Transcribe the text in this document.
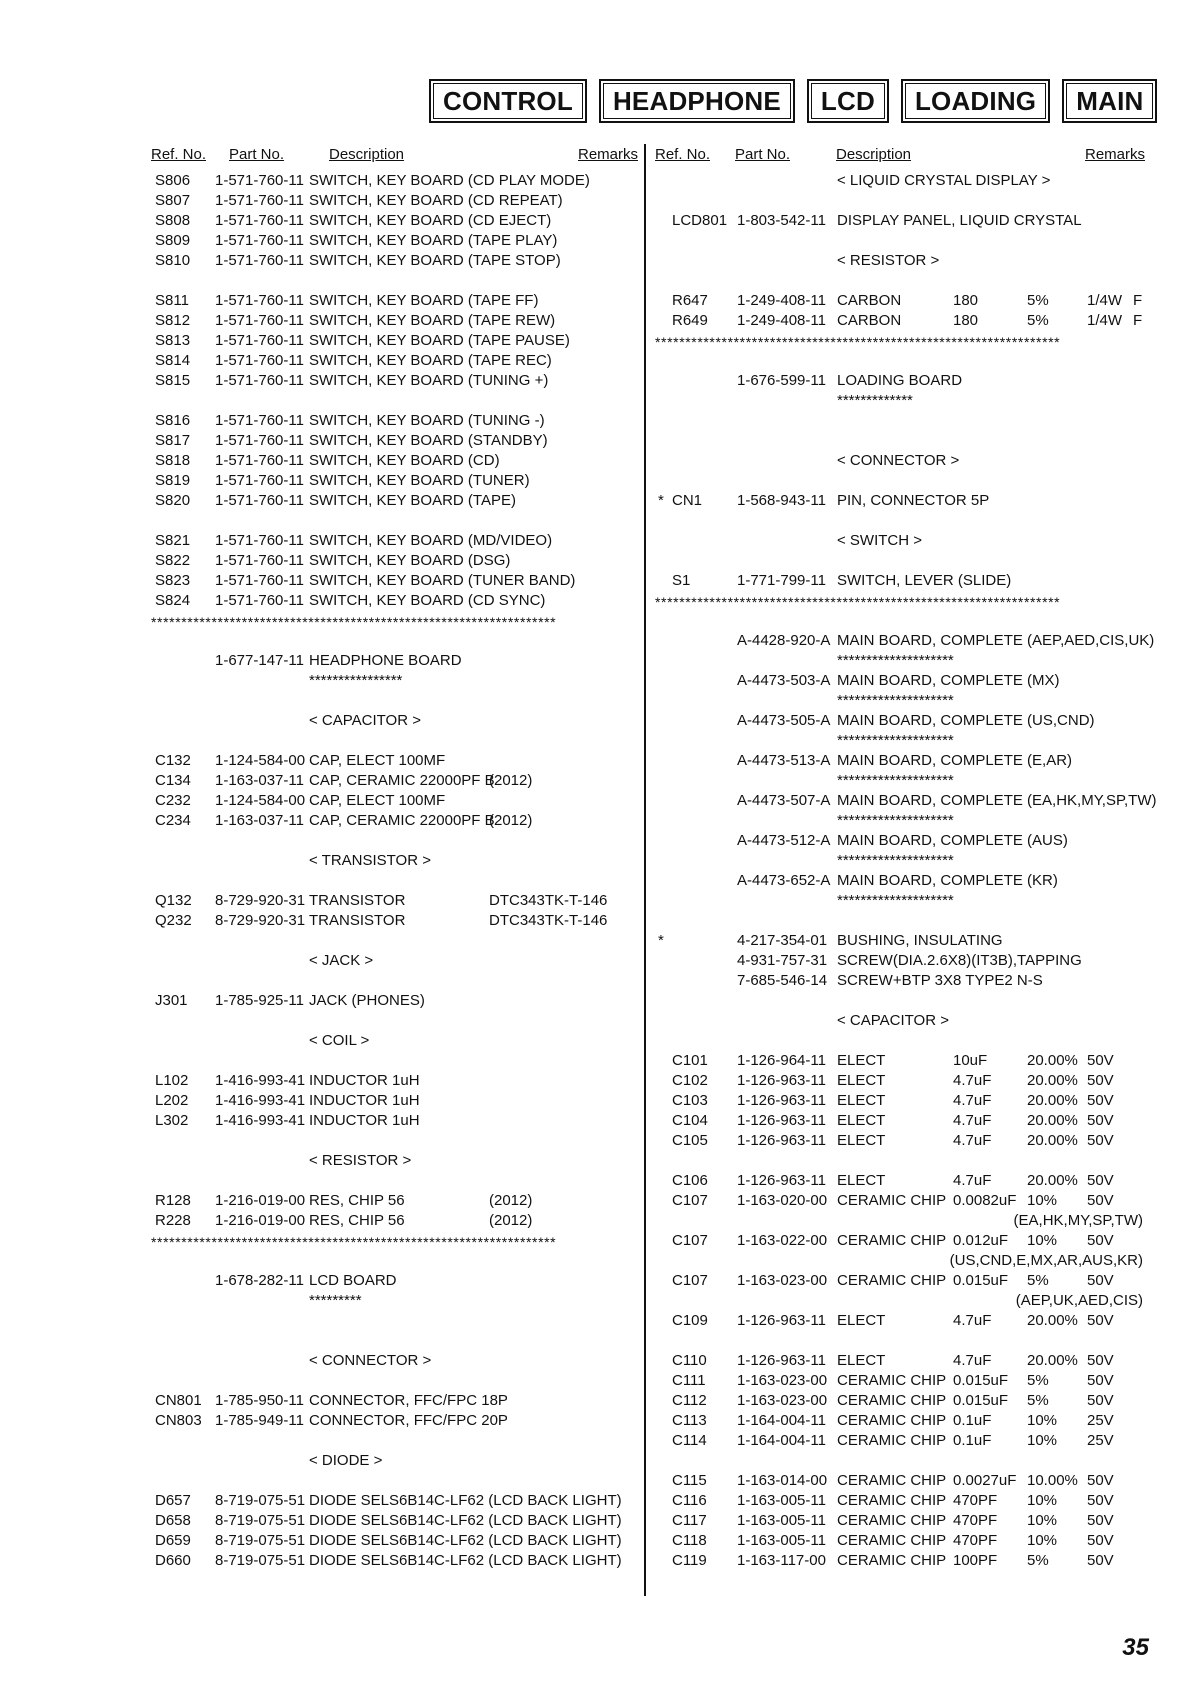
CONTROL	HEADPHONE	LCD	LOADING	MAIN
Ref. No. Part No.	Description	Remarks
S806 1-571-760-11 SWITCH, KEY BOARD (CD PLAY MODE)
S807 1-571-760-11 SWITCH, KEY BOARD (CD REPEAT)
S808 1-571-760-11 SWITCH, KEY BOARD (CD EJECT)
S809 1-571-760-11 SWITCH, KEY BOARD (TAPE PLAY)
S810 1-571-760-11 SWITCH, KEY BOARD (TAPE STOP)
S811 1-571-760-11 SWITCH, KEY BOARD (TAPE FF)
S812 1-571-760-11 SWITCH, KEY BOARD (TAPE REW)
S813 1-571-760-11 SWITCH, KEY BOARD (TAPE PAUSE)
S814 1-571-760-11 SWITCH, KEY BOARD (TAPE REC)
S815 1-571-760-11 SWITCH, KEY BOARD (TUNING +)
S816 1-571-760-11 SWITCH, KEY BOARD (TUNING -)
S817 1-571-760-11 SWITCH, KEY BOARD (STANDBY)
S818 1-571-760-11 SWITCH, KEY BOARD (CD)
S819 1-571-760-11 SWITCH, KEY BOARD (TUNER)
S820 1-571-760-11 SWITCH, KEY BOARD (TAPE)
S821 1-571-760-11 SWITCH, KEY BOARD (MD/VIDEO)
S822 1-571-760-11 SWITCH, KEY BOARD (DSG)
S823 1-571-760-11 SWITCH, KEY BOARD (TUNER BAND)
S824 1-571-760-11 SWITCH, KEY BOARD (CD SYNC)
*******************************************************************
1-677-147-11 HEADPHONE BOARD
****************
< CAPACITOR >
C132 1-124-584-00 CAP, ELECT 100MF
C134 1-163-037-11 CAP, CERAMIC 22000PF B
(2012)
C232 1-124-584-00 CAP, ELECT 100MF
C234 1-163-037-11 CAP, CERAMIC 22000PF B
(2012)
< TRANSISTOR >
Q132 8-729-920-31 TRANSISTOR	DTC343TK-T-146
Q232 8-729-920-31 TRANSISTOR	DTC343TK-T-146
< JACK >
J301 1-785-925-11 JACK (PHONES)
< COIL >
L102 1-416-993-41 INDUCTOR 1uH
L202 1-416-993-41 INDUCTOR 1uH
L302 1-416-993-41 INDUCTOR 1uH
< RESISTOR >
R128 1-216-019-00 RES, CHIP 56	(2012)
R228 1-216-019-00 RES, CHIP 56	(2012)
*******************************************************************
1-678-282-11 LCD BOARD
*********
< CONNECTOR >
CN801 1-785-950-11 CONNECTOR, FFC/FPC 18P
CN803 1-785-949-11 CONNECTOR, FFC/FPC 20P
< DIODE >
D657 8-719-075-51 DIODE SELS6B14C-LF62 (LCD BACK LIGHT)
D658 8-719-075-51 DIODE SELS6B14C-LF62 (LCD BACK LIGHT)
D659 8-719-075-51 DIODE SELS6B14C-LF62 (LCD BACK LIGHT)
D660 8-719-075-51 DIODE SELS6B14C-LF62 (LCD BACK LIGHT)
Ref. No. Part No.	Description	Remarks
< LIQUID CRYSTAL DISPLAY >
LCD801 1-803-542-11 DISPLAY PANEL, LIQUID CRYSTAL
< RESISTOR >
R647 1-249-408-11 CARBON	180	5%	1/4W F
R649 1-249-408-11 CARBON	180	5%	1/4W F
*******************************************************************
1-676-599-11 LOADING BOARD
*************
< CONNECTOR >
* CN1 1-568-943-11 PIN, CONNECTOR 5P
< SWITCH >
S1	1-771-799-11 SWITCH, LEVER (SLIDE)
*******************************************************************
A-4428-920-A MAIN BOARD, COMPLETE (AEP,AED,CIS,UK)
********************
A-4473-503-A MAIN BOARD, COMPLETE (MX)
********************
A-4473-505-A MAIN BOARD, COMPLETE (US,CND)
********************
A-4473-513-A MAIN BOARD, COMPLETE (E,AR)
********************
A-4473-507-A MAIN BOARD, COMPLETE (EA,HK,MY,SP,TW)
********************
A-4473-512-A MAIN BOARD, COMPLETE (AUS)
********************
A-4473-652-A MAIN BOARD, COMPLETE (KR)
********************
*	4-217-354-01 BUSHING, INSULATING
4-931-757-31 SCREW(DIA.2.6X8)(IT3B),TAPPING
7-685-546-14 SCREW+BTP 3X8 TYPE2 N-S
< CAPACITOR >
C101 1-126-964-11 ELECT	10uF	20.00% 50V
C102 1-126-963-11 ELECT	4.7uF 20.00% 50V
C103 1-126-963-11 ELECT	4.7uF 20.00% 50V
C104 1-126-963-11 ELECT	4.7uF 20.00% 50V
C105 1-126-963-11 ELECT	4.7uF 20.00% 50V
C106 1-126-963-11 ELECT	4.7uF 20.00% 50V
C107 1-163-020-00 CERAMIC CHIP 0.0082uF 10% 50V
(EA,HK,MY,SP,TW)
C107 1-163-022-00 CERAMIC CHIP 0.012uF 10% 50V
(US,CND,E,MX,AR,AUS,KR)
C107 1-163-023-00 CERAMIC CHIP 0.015uF 5%	50V
(AEP,UK,AED,CIS)
C109 1-126-963-11 ELECT	4.7uF 20.00% 50V
C110 1-126-963-11 ELECT	4.7uF 20.00% 50V
C111 1-163-023-00 CERAMIC CHIP 0.015uF 5%	50V
C112 1-163-023-00 CERAMIC CHIP 0.015uF 5%	50V
C113 1-164-004-11 CERAMIC CHIP 0.1uF 10% 25V
C114 1-164-004-11 CERAMIC CHIP 0.1uF 10% 25V
C115 1-163-014-00 CERAMIC CHIP 0.0027uF 10.00% 50V
C116 1-163-005-11 CERAMIC CHIP 470PF 10% 50V
C117 1-163-005-11 CERAMIC CHIP 470PF 10% 50V
C118 1-163-005-11 CERAMIC CHIP 470PF 10% 50V
C119 1-163-117-00 CERAMIC CHIP 100PF 5%	50V
35
